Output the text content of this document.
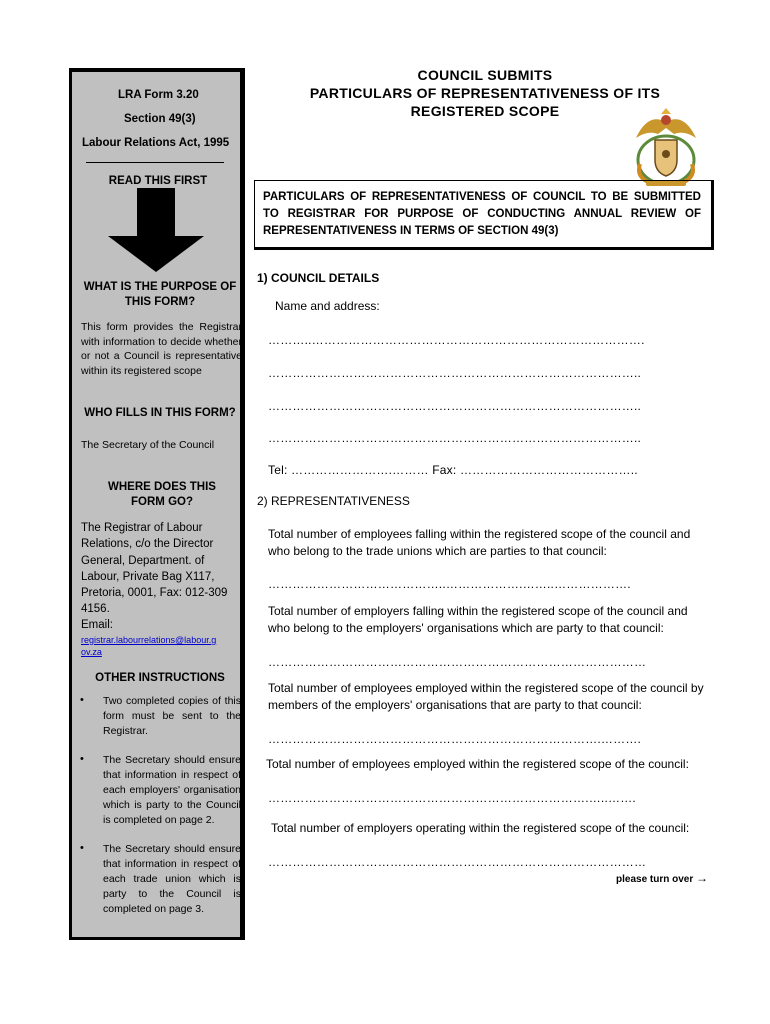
LRA Form 3.20
Section 49(3)
Labour Relations Act, 1995
READ THIS FIRST
WHAT IS THE PURPOSE OF THIS FORM?
This form provides the Registrar with information to decide whether or not a Council is representative within its registered scope
WHO FILLS IN THIS FORM?
The Secretary of the Council
WHERE DOES THIS FORM GO?
The Registrar of Labour Relations, c/o the Director General, Department. of Labour, Private Bag X117, Pretoria, 0001, Fax: 012-309 4156.
Email:
registrar.labourrelations@labour.gov.za
OTHER INSTRUCTIONS
• Two completed copies of this form must be sent to the Registrar.
• The Secretary should ensure that information in respect of each employers' organisation which is party to the Council is completed on page 2.
• The Secretary should ensure that information in respect of each trade union which is party to the Council is completed on page 3.
COUNCIL SUBMITS
PARTICULARS OF REPRESENTATIVENESS OF ITS
REGISTERED SCOPE
PARTICULARS OF REPRESENTATIVENESS OF COUNCIL TO BE SUBMITTED TO REGISTRAR FOR PURPOSE OF CONDUCTING ANNUAL REVIEW OF REPRESENTATIVENESS IN TERMS OF SECTION 49(3)
1) COUNCIL DETAILS
Name and address:
………..……………………………………………………………………….
………………………………………………………………………………..
………………………………………………………………………………..
………………………………………………………………………………..
Tel: …………………….……… Fax: ……………………………………..
2) REPRESENTATIVENESS
Total number of employees falling within the registered scope of the council and who belong to the trade unions which are parties to that council:
……………………………………..……………….……..……………….
Total number of employers falling within the registered scope of the council and who belong to the employers' organisations which are party to that council:
…………………………………………………………………………………
Total number of employees employed within the registered scope of the council by members of the employers' organisations that are party to that council:
……………………………………………………………………….……….
Total number of employees employed within the registered scope of the council:
…………………………………………………………………….…..…….
Total number of employers operating within the registered scope of the council:
…………………………………………………………………………………
please turn over →
